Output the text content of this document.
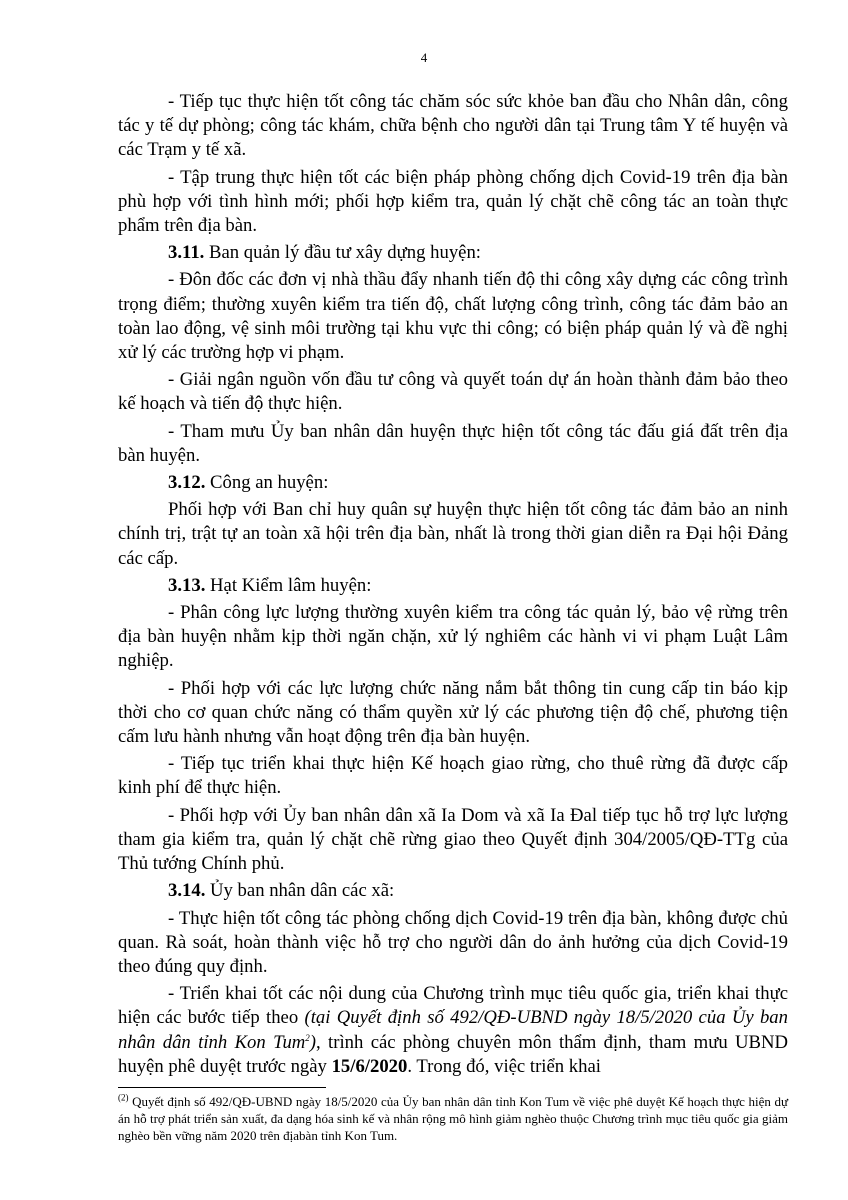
4

- Tiếp tục thực hiện tốt công tác chăm sóc sức khỏe ban đầu cho Nhân dân, công tác y tế dự phòng; công tác khám, chữa bệnh cho người dân tại Trung tâm Y tế huyện và các Trạm y tế xã.

- Tập trung thực hiện tốt các biện pháp phòng chống dịch Covid-19 trên địa bàn phù hợp với tình hình mới; phối hợp kiểm tra, quản lý chặt chẽ công tác an toàn thực phẩm trên địa bàn.

3.11. Ban quản lý đầu tư xây dựng huyện:

- Đôn đốc các đơn vị nhà thầu đẩy nhanh tiến độ thi công xây dựng các công trình trọng điểm; thường xuyên kiểm tra tiến độ, chất lượng công trình, công tác đảm bảo an toàn lao động, vệ sinh môi trường tại khu vực thi công; có biện pháp quản lý và đề nghị xử lý các trường hợp vi phạm.

- Giải ngân nguồn vốn đầu tư công và quyết toán dự án hoàn thành đảm bảo theo kế hoạch và tiến độ thực hiện.

- Tham mưu Ủy ban nhân dân huyện thực hiện tốt công tác đấu giá đất trên địa bàn huyện.

3.12. Công an huyện:

Phối hợp với Ban chỉ huy quân sự huyện thực hiện tốt công tác đảm bảo an ninh chính trị, trật tự an toàn xã hội trên địa bàn, nhất là trong thời gian diễn ra Đại hội Đảng các cấp.

3.13. Hạt Kiểm lâm huyện:

- Phân công lực lượng thường xuyên kiểm tra công tác quản lý, bảo vệ rừng trên địa bàn huyện nhằm kịp thời ngăn chặn, xử lý nghiêm các hành vi vi phạm Luật Lâm nghiệp.

- Phối hợp với các lực lượng chức năng nắm bắt thông tin cung cấp tin báo kịp thời cho cơ quan chức năng có thẩm quyền xử lý các phương tiện độ chế, phương tiện cấm lưu hành nhưng vẫn hoạt động trên địa bàn huyện.

- Tiếp tục triển khai thực hiện Kế hoạch giao rừng, cho thuê rừng đã được cấp kinh phí để thực hiện.

- Phối hợp với Ủy ban nhân dân xã Ia Dom và xã Ia Đal tiếp tục hỗ trợ lực lượng tham gia kiểm tra, quản lý chặt chẽ rừng giao theo Quyết định 304/2005/QĐ-TTg của Thủ tướng Chính phủ.

3.14. Ủy ban nhân dân các xã:

- Thực hiện tốt công tác phòng chống dịch Covid-19 trên địa bàn, không được chủ quan. Rà soát, hoàn thành việc hỗ trợ cho người dân do ảnh hưởng của dịch Covid-19 theo đúng quy định.

- Triển khai tốt các nội dung của Chương trình mục tiêu quốc gia, triển khai thực hiện các bước tiếp theo (tại Quyết định số 492/QĐ-UBND ngày 18/5/2020 của Ủy ban nhân dân tỉnh Kon Tum$^2$), trình các phòng chuyên môn thẩm định, tham mưu UBND huyện phê duyệt trước ngày 15/6/2020. Trong đó, việc triển khai

$^{(2)}$ Quyết định số 492/QĐ-UBND ngày 18/5/2020 của Ủy ban nhân dân tỉnh Kon Tum về việc phê duyệt Kế hoạch thực hiện dự án hỗ trợ phát triển sản xuất, đa dạng hóa sinh kế và nhân rộng mô hình giảm nghèo thuộc Chương trình mục tiêu quốc gia giảm nghèo bền vững năm 2020 trên địabàn tỉnh Kon Tum.
